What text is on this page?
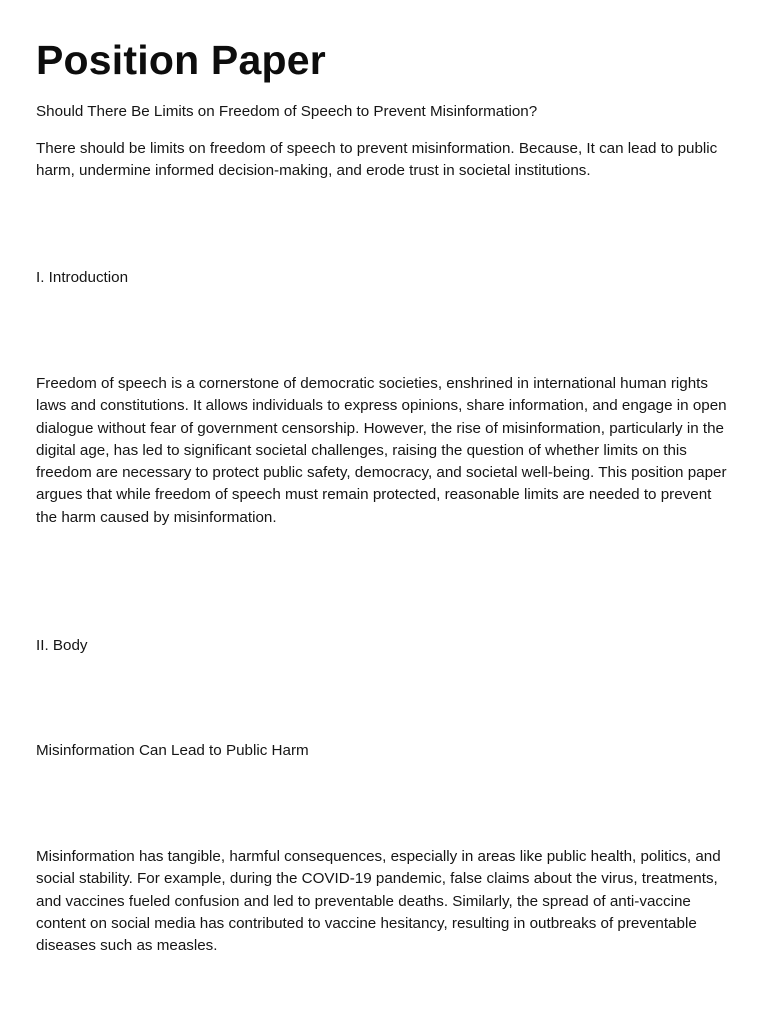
Position Paper

Should There Be Limits on Freedom of Speech to Prevent Misinformation?

There should be limits on freedom of speech to prevent misinformation. Because, It can lead to public harm, undermine informed decision-making, and erode trust in societal institutions.

I. Introduction

Freedom of speech is a cornerstone of democratic societies, enshrined in international human rights laws and constitutions. It allows individuals to express opinions, share information, and engage in open dialogue without fear of government censorship. However, the rise of misinformation, particularly in the digital age, has led to significant societal challenges, raising the question of whether limits on this freedom are necessary to protect public safety, democracy, and societal well-being. This position paper argues that while freedom of speech must remain protected, reasonable limits are needed to prevent the harm caused by misinformation.

II. Body

Misinformation Can Lead to Public Harm

Misinformation has tangible, harmful consequences, especially in areas like public health, politics, and social stability. For example, during the COVID-19 pandemic, false claims about the virus, treatments, and vaccines fueled confusion and led to preventable deaths. Similarly, the spread of anti-vaccine content on social media has contributed to vaccine hesitancy, resulting in outbreaks of preventable diseases such as measles.
